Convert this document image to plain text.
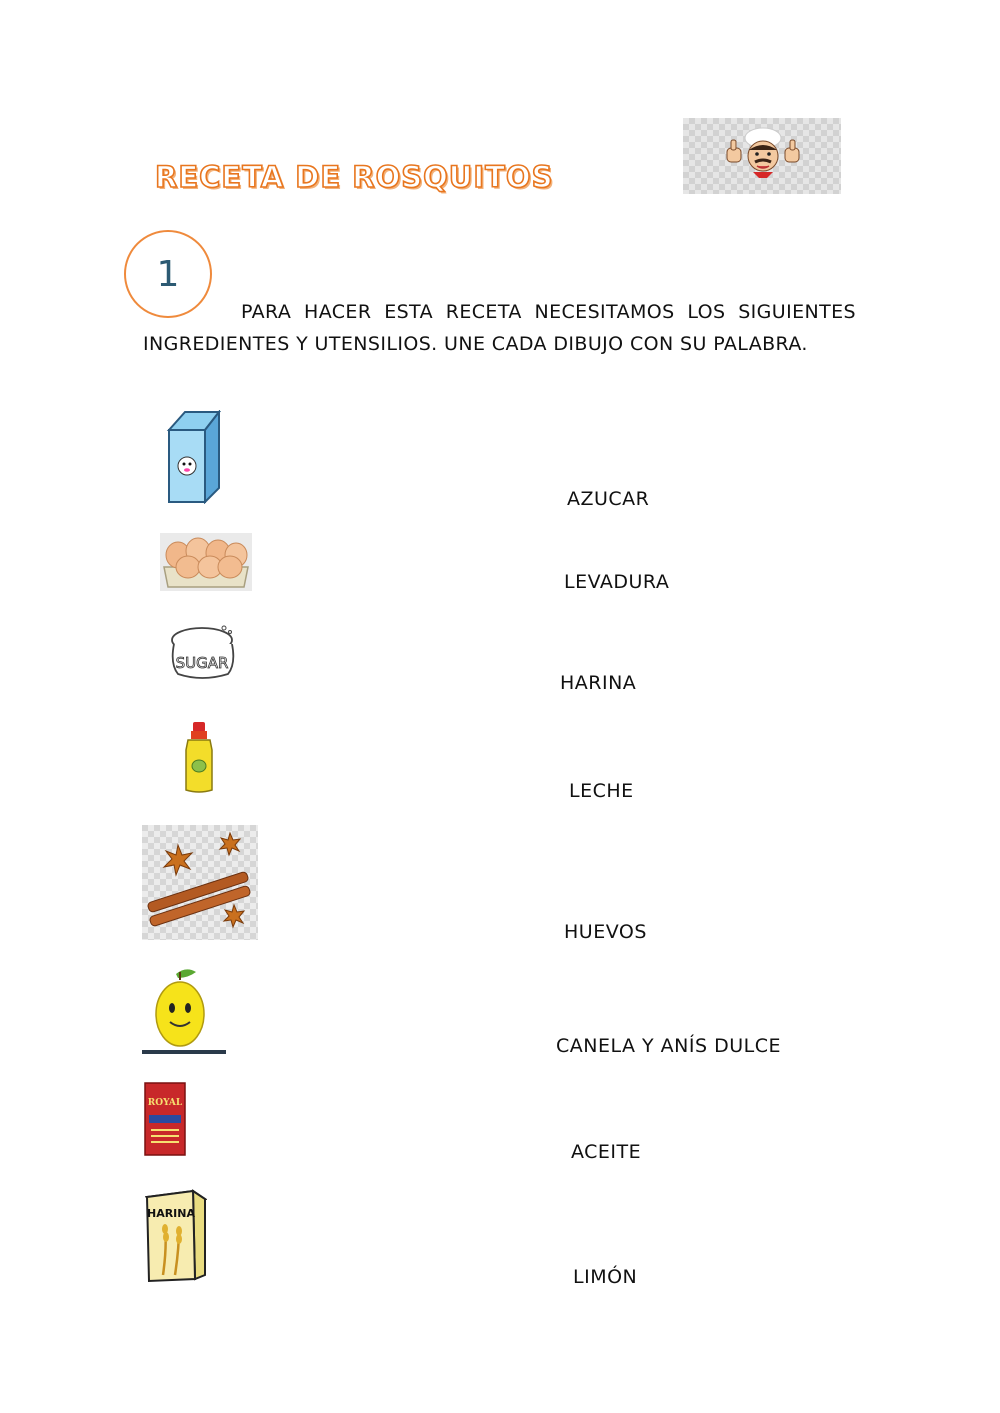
RECETA DE ROSQUITOS
1
PARA HACER ESTA RECETA NECESITAMOS LOS SIGUIENTES INGREDIENTES Y UTENSILIOS. UNE CADA DIBUJO CON SU PALABRA.
SUGAR
ROYAL
HARINA
AZUCAR
LEVADURA
HARINA
LECHE
HUEVOS
CANELA Y ANÍS DULCE
ACEITE
LIMÓN
